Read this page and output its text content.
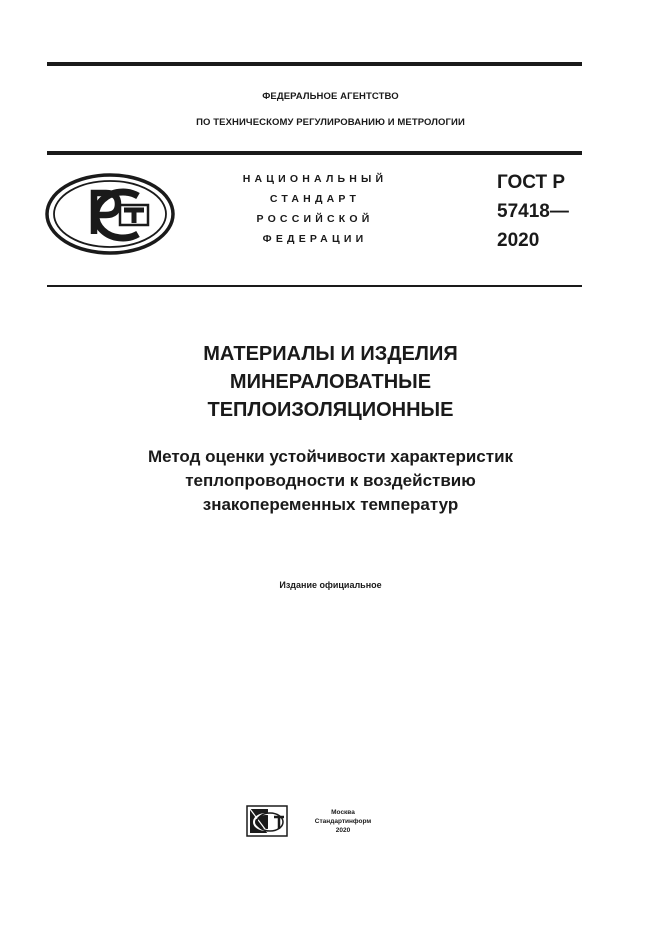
ФЕДЕРАЛЬНОЕ АГЕНТСТВО
ПО ТЕХНИЧЕСКОМУ РЕГУЛИРОВАНИЮ И МЕТРОЛОГИИ
НАЦИОНАЛЬНЫЙ
СТАНДАРТ
РОССИЙСКОЙ
ФЕДЕРАЦИИ
ГОСТ Р
57418—
2020
МАТЕРИАЛЫ И ИЗДЕЛИЯ
МИНЕРАЛОВАТНЫЕ
ТЕПЛОИЗОЛЯЦИОННЫЕ
Метод оценки устойчивости характеристик
теплопроводности к воздействию
знакопеременных температур
Издание официальное
Москва
Стандартинформ
2020
